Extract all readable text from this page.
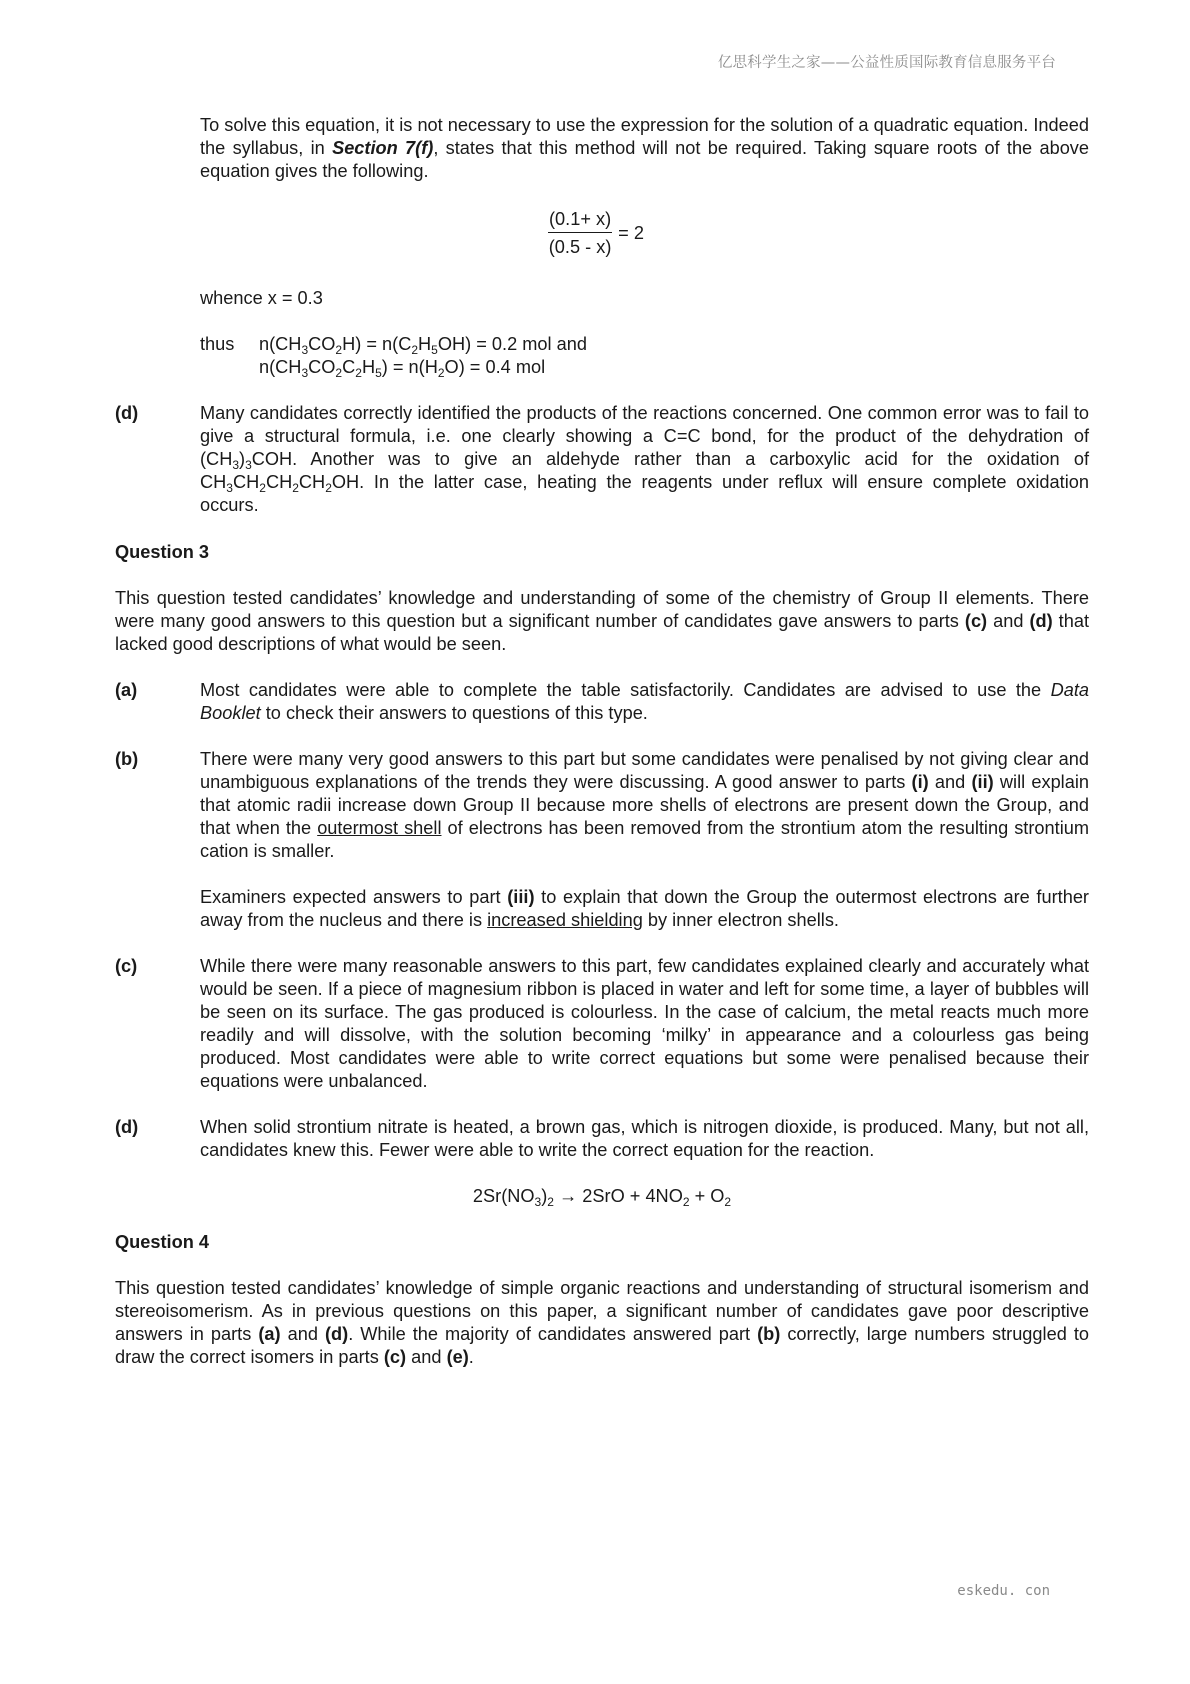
亿思科学生之家——公益性质国际教育信息服务平台

To solve this equation, it is not necessary to use the expression for the solution of a quadratic equation. Indeed the syllabus, in Section 7(f), states that this method will not be required. Taking square roots of the above equation gives the following.

$\frac{(0.1+ x)}{(0.5 - x)} = 2$
whence x = 0.3
thus $n(CH_3CO_2H) = n(C_2H_5OH) = 0.2$ mol and
$n(CH_3CO_2C_2H_5) = n(H_2O) = 0.4$ mol
(d)	Many candidates correctly identified the products of the reactions concerned. One common error was to fail to give a structural formula, i.e. one clearly showing a C=C bond, for the product of the dehydration of $(CH_3)_3COH$. Another was to give an aldehyde rather than a carboxylic acid for the oxidation of $CH_3CH_2CH_2CH_2OH$. In the latter case, heating the reagents under reflux will ensure complete oxidation occurs.

Question 3

This question tested candidates’ knowledge and understanding of some of the chemistry of Group II elements. There were many good answers to this question but a significant number of candidates gave answers to parts (c) and (d) that lacked good descriptions of what would be seen.

(a)	Most candidates were able to complete the table satisfactorily. Candidates are advised to use the Data Booklet to check their answers to questions of this type.

(b)	There were many very good answers to this part but some candidates were penalised by not giving clear and unambiguous explanations of the trends they were discussing. A good answer to parts (i) and (ii) will explain that atomic radii increase down Group II because more shells of electrons are present down the Group, and that when the outermost shell of electrons has been removed from the strontium atom the resulting strontium cation is smaller.

Examiners expected answers to part (iii) to explain that down the Group the outermost electrons are further away from the nucleus and there is increased shielding by inner electron shells.

(c)	While there were many reasonable answers to this part, few candidates explained clearly and accurately what would be seen. If a piece of magnesium ribbon is placed in water and left for some time, a layer of bubbles will be seen on its surface. The gas produced is colourless. In the case of calcium, the metal reacts much more readily and will dissolve, with the solution becoming ‘milky’ in appearance and a colourless gas being produced. Most candidates were able to write correct equations but some were penalised because their equations were unbalanced.

(d)	When solid strontium nitrate is heated, a brown gas, which is nitrogen dioxide, is produced. Many, but not all, candidates knew this. Fewer were able to write the correct equation for the reaction.

$2Sr(NO_3)_2 \to 2SrO + 4NO_2 + O_2$
Question 4

This question tested candidates’ knowledge of simple organic reactions and understanding of structural isomerism and stereoisomerism. As in previous questions on this paper, a significant number of candidates gave poor descriptive answers in parts (a) and (d). While the majority of candidates answered part (b) correctly, large numbers struggled to draw the correct isomers in parts (c) and (e).

eskedu. con
